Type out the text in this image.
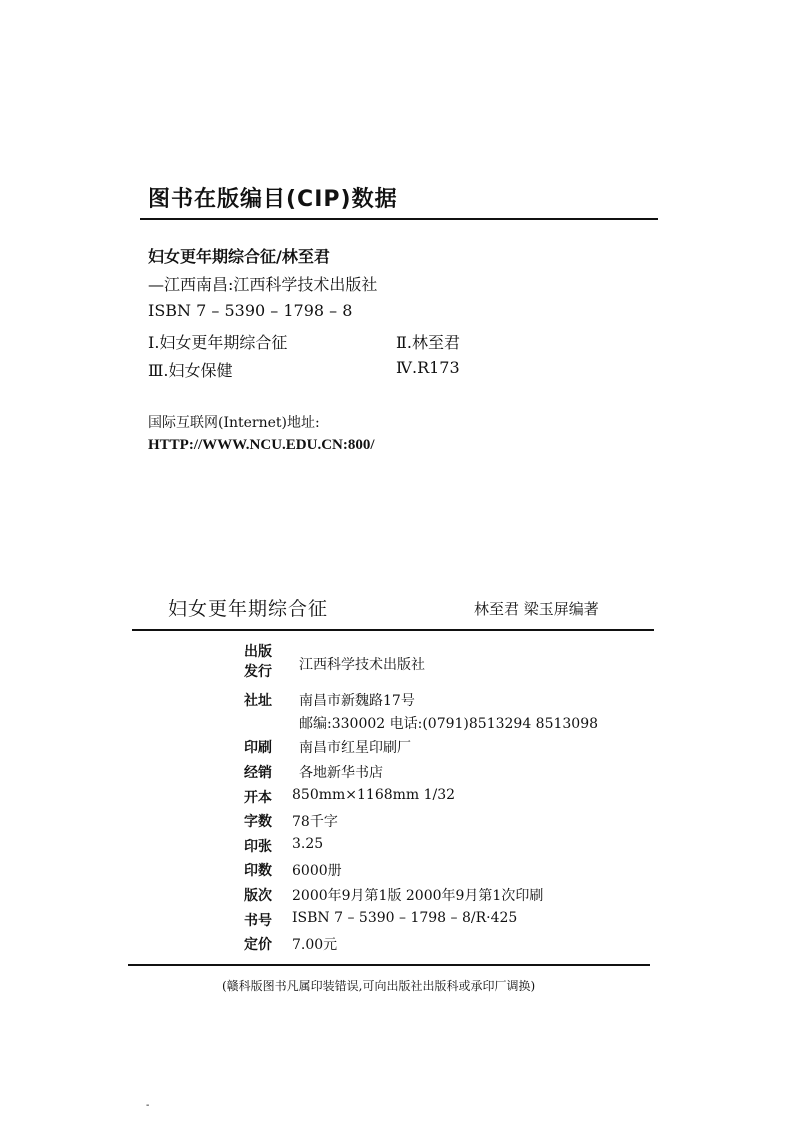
图书在版编目(CIP)数据
妇女更年期综合征/林至君
—江西南昌:江西科学技术出版社
ISBN 7 – 5390 – 1798 – 8
Ⅰ.妇女更年期综合征	Ⅱ.林至君
Ⅲ.妇女保健	Ⅳ.R173
国际互联网(Internet)地址:
HTTP://WWW.NCU.EDU.CN:800/
妇女更年期综合征	林至君 梁玉屏编著
出版
发行 江西科学技术出版社
社址 南昌市新魏路17号
邮编:330002 电话:(0791)8513294 8513098
印刷 南昌市红星印刷厂
经销 各地新华书店
开本 850mm×1168mm 1/32
字数 78千字
印张 3.25
印数 6000册
版次 2000年9月第1版 2000年9月第1次印刷
书号 ISBN 7 – 5390 – 1798 – 8/R·425
定价 7.00元
(赣科版图书凡属印装错误,可向出版社出版科或承印厂调换)
-
